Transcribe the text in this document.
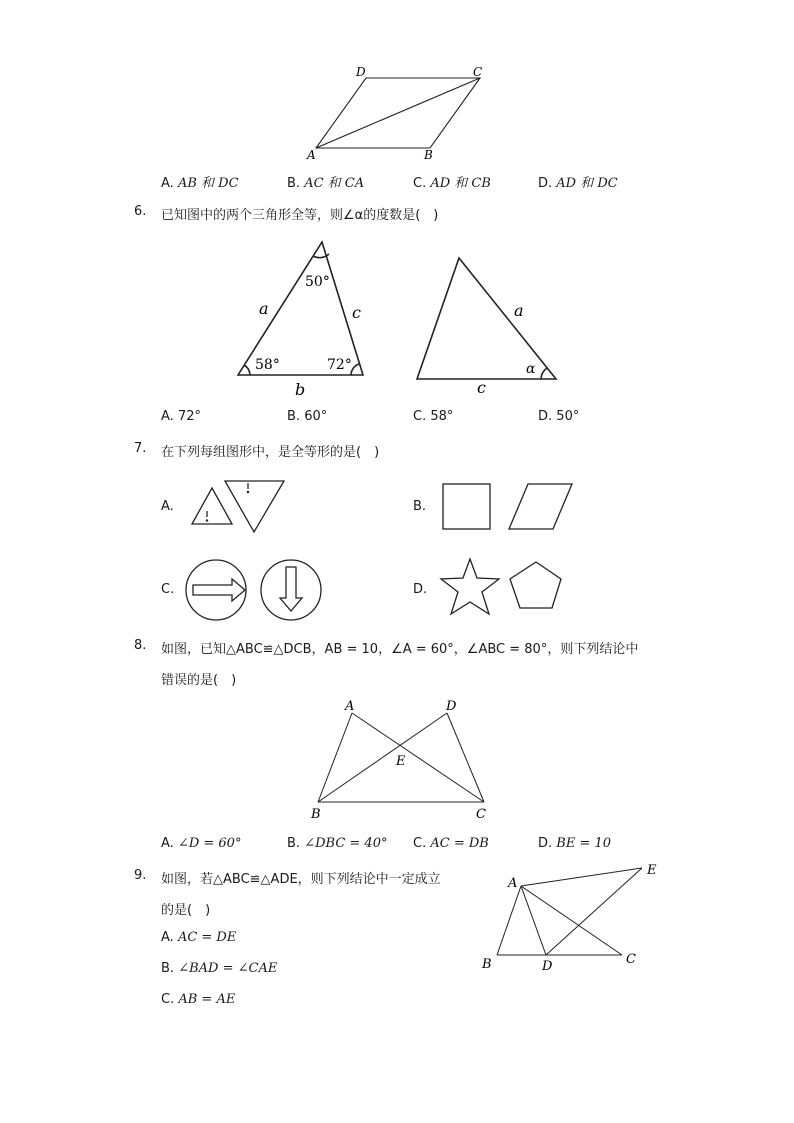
D	C
A	B
A. AB 和 DC	B. AC 和 CA	C. AD 和 CB	D. AD 和 DC
6. 已知图中的两个三角形全等，则∠α的度数是(　)
50°
58°	72°
a	c
b
a
c
α
A. 72°	B. 60°	C. 58°	D. 50°
7. 在下列每组图形中，是全等形的是(　)
A.	B.
C.	D.
8. 如图，已知△ABC≌△DCB，AB = 10，∠A = 60°，∠ABC = 80°，则下列结论中
错误的是(　)
A	D
E
B	C
A. ∠D = 60°	B. ∠DBC = 40° C. AC = DB	D. BE = 10
9. 如图，若△ABC≌△ADE，则下列结论中一定成立
的是(　)
A. AC = DE
B. ∠BAD = ∠CAE
C. AB = AE
A
E
B	D	C
